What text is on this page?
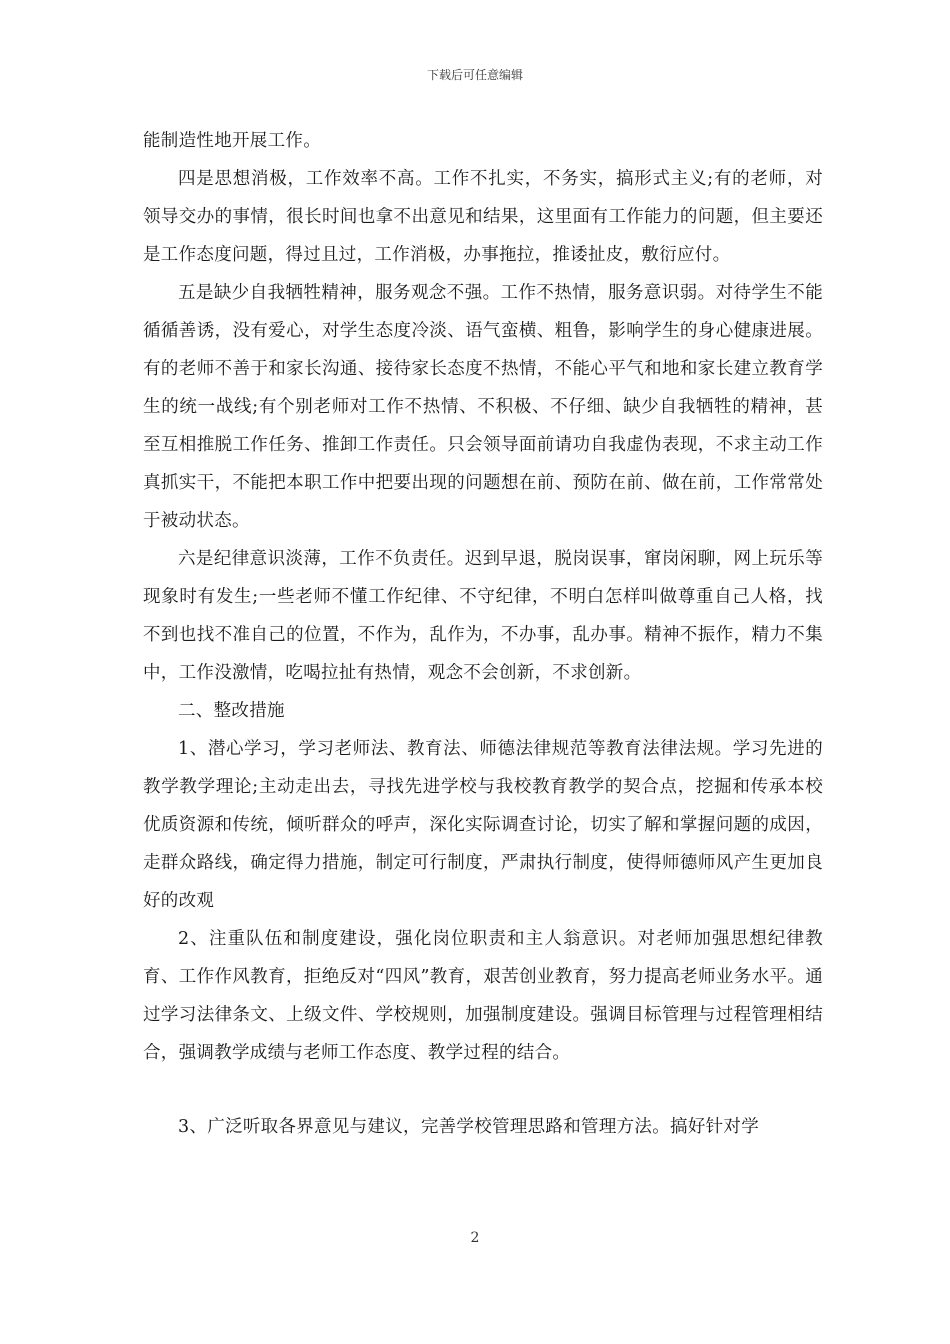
下载后可任意编辑

能制造性地开展工作。

四是思想消极，工作效率不高。工作不扎实，不务实，搞形式主义;有的老师，对领导交办的事情，很长时间也拿不出意见和结果，这里面有工作能力的问题，但主要还是工作态度问题，得过且过，工作消极，办事拖拉，推诿扯皮，敷衍应付。

五是缺少自我牺牲精神，服务观念不强。工作不热情，服务意识弱。对待学生不能循循善诱，没有爱心，对学生态度冷淡、语气蛮横、粗鲁，影响学生的身心健康进展。有的老师不善于和家长沟通、接待家长态度不热情，不能心平气和地和家长建立教育学生的统一战线;有个别老师对工作不热情、不积极、不仔细、缺少自我牺牲的精神，甚至互相推脱工作任务、推卸工作责任。只会领导面前请功自我虚伪表现，不求主动工作真抓实干，不能把本职工作中把要出现的问题想在前、预防在前、做在前，工作常常处于被动状态。

六是纪律意识淡薄，工作不负责任。迟到早退，脱岗误事，窜岗闲聊，网上玩乐等现象时有发生;一些老师不懂工作纪律、不守纪律，不明白怎样叫做尊重自己人格，找不到也找不准自己的位置，不作为，乱作为，不办事，乱办事。精神不振作，精力不集中，工作没激情，吃喝拉扯有热情，观念不会创新，不求创新。

二、整改措施

1、潜心学习，学习老师法、教育法、师德法律规范等教育法律法规。学习先进的教学教学理论;主动走出去，寻找先进学校与我校教育教学的契合点，挖掘和传承本校优质资源和传统，倾听群众的呼声，深化实际调查讨论，切实了解和掌握问题的成因，走群众路线，确定得力措施，制定可行制度，严肃执行制度，使得师德师风产生更加良好的改观

2、注重队伍和制度建设，强化岗位职责和主人翁意识。对老师加强思想纪律教育、工作作风教育，拒绝反对“四风”教育，艰苦创业教育，努力提高老师业务水平。通过学习法律条文、上级文件、学校规则，加强制度建设。强调目标管理与过程管理相结合，强调教学成绩与老师工作态度、教学过程的结合。

3、广泛听取各界意见与建议，完善学校管理思路和管理方法。搞好针对学

2
